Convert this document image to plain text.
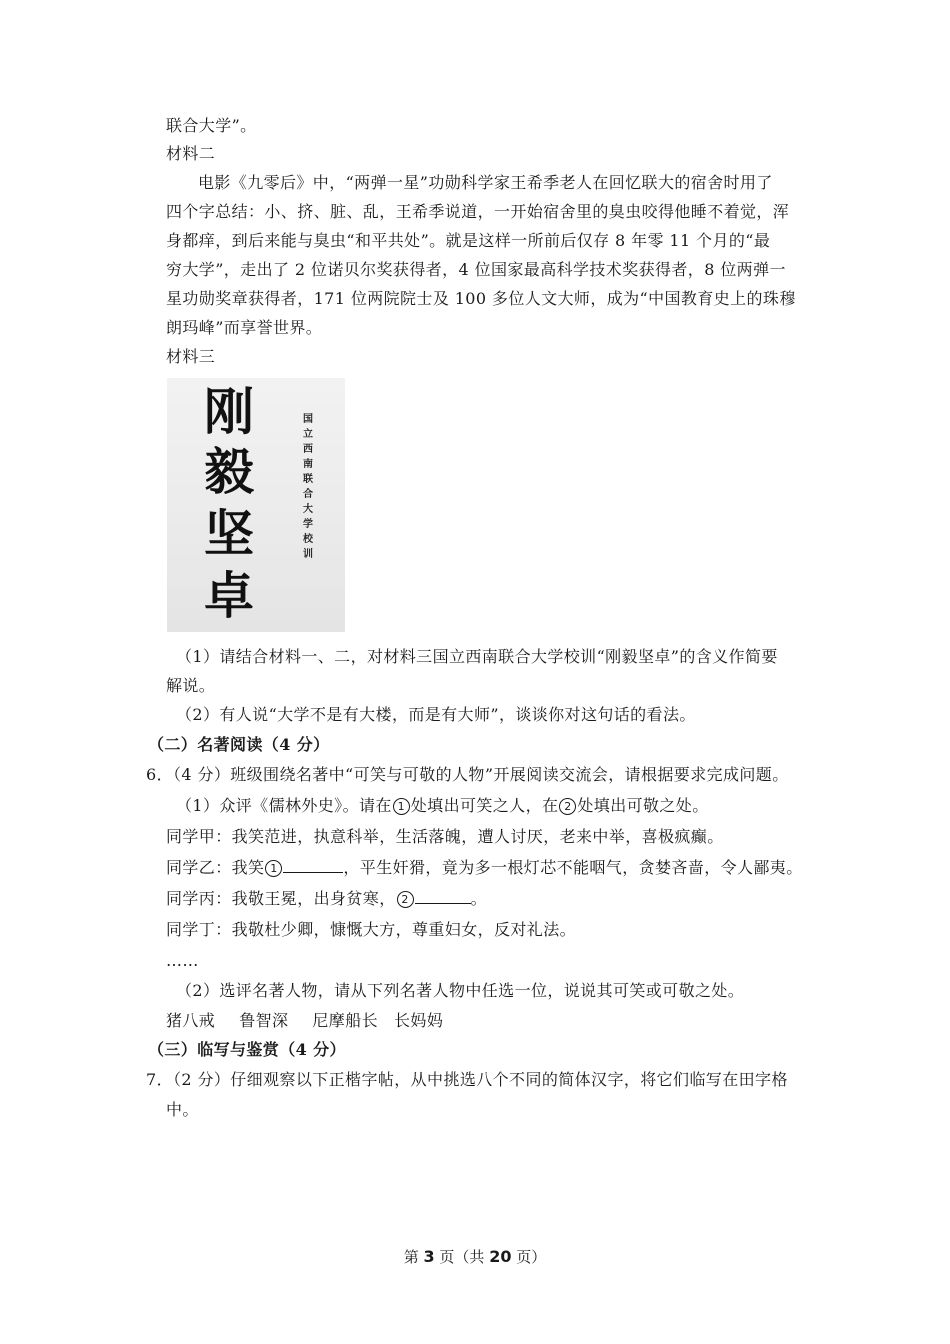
联合大学”。
材料二
电影《九零后》中，“两弹一星”功勋科学家王希季老人在回忆联大的宿舍时用了
四个字总结：小、挤、脏、乱，王希季说道，一开始宿舍里的臭虫咬得他睡不着觉，浑
身都痒，到后来能与臭虫“和平共处”。就是这样一所前后仅存 8 年零 11 个月的“最
穷大学”，走出了 2 位诺贝尔奖获得者，4 位国家最高科学技术奖获得者，8 位两弹一
星功勋奖章获得者，171 位两院院士及 100 多位人文大师，成为“中国教育史上的珠穆
朗玛峰”而享誉世界。
材料三
刚
毅
坚
卓
国立西南联合大学校训
（1）请结合材料一、二，对材料三国立西南联合大学校训“刚毅坚卓”的含义作简要
解说。
（2）有人说“大学不是有大楼，而是有大师”，谈谈你对这句话的看法。
（二）名著阅读（4 分）
6．（4 分）班级围绕名著中“可笑与可敬的人物”开展阅读交流会，请根据要求完成问题。
（1）众评《儒林外史》。请在 1 处填出可笑之人，在 2 处填出可敬之处。
同学甲：我笑范进，执意科举，生活落魄，遭人讨厌，老来中举，喜极疯癫。
同学乙：我笑 1	，平生奸猾，竟为多一根灯芯不能咽气，贪婪吝啬，令人鄙夷。
同学丙：我敬王冕，出身贫寒， 2	。
同学丁：我敬杜少卿，慷慨大方，尊重妇女，反对礼法。
……
（2）选评名著人物，请从下列名著人物中任选一位，说说其可笑或可敬之处。
猪八戒 鲁智深 尼摩船长 长妈妈
（三）临写与鉴赏（4 分）
7．（2 分）仔细观察以下正楷字帖，从中挑选八个不同的简体汉字，将它们临写在田字格
中。
第 3 页（共 20 页）
